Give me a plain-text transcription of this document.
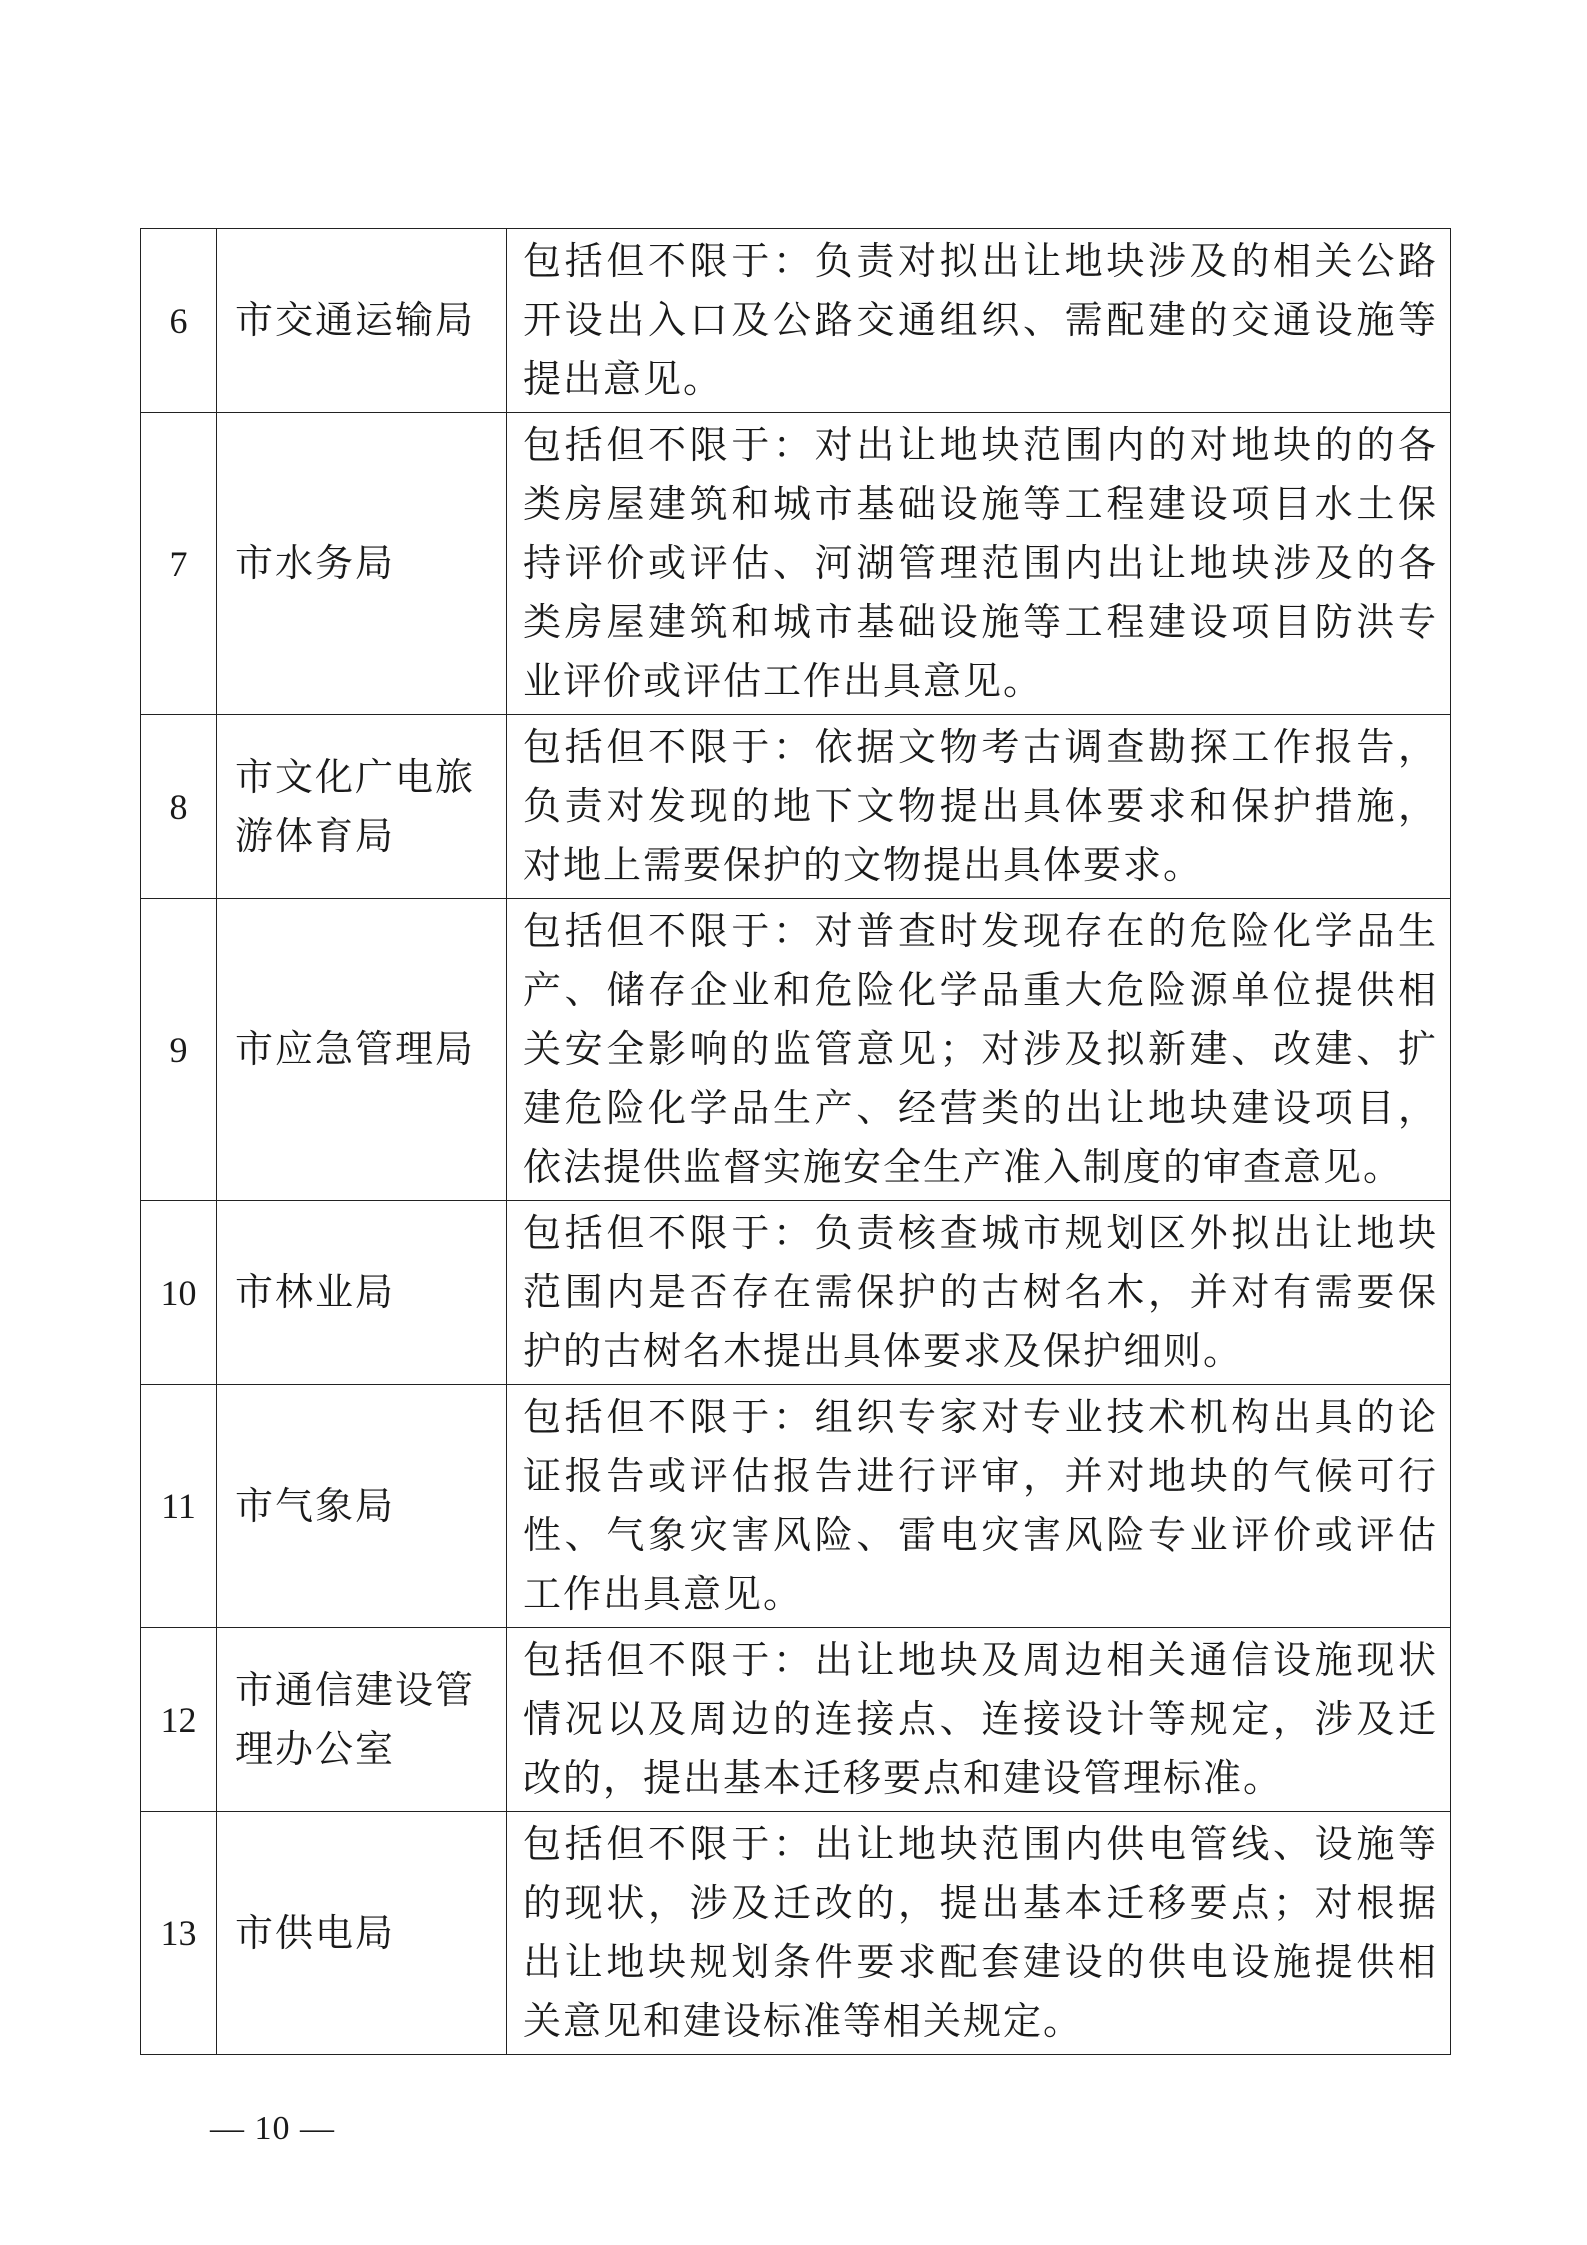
6	市交通运输局	包括但不限于：负责对拟出让地块涉及的相关公路开设出入口及公路交通组织、需配建的交通设施等提出意见。
7	市水务局	包括但不限于：对出让地块范围内的对地块的的各类房屋建筑和城市基础设施等工程建设项目水土保持评价或评估、河湖管理范围内出让地块涉及的各类房屋建筑和城市基础设施等工程建设项目防洪专业评价或评估工作出具意见。
8	市文化广电旅游体育局	包括但不限于：依据文物考古调查勘探工作报告，负责对发现的地下文物提出具体要求和保护措施，对地上需要保护的文物提出具体要求。
9	市应急管理局	包括但不限于：对普查时发现存在的危险化学品生产、储存企业和危险化学品重大危险源单位提供相关安全影响的监管意见；对涉及拟新建、改建、扩建危险化学品生产、经营类的出让地块建设项目，依法提供监督实施安全生产准入制度的审查意见。
10	市林业局	包括但不限于：负责核查城市规划区外拟出让地块范围内是否存在需保护的古树名木，并对有需要保护的古树名木提出具体要求及保护细则。
11	市气象局	包括但不限于：组织专家对专业技术机构出具的论证报告或评估报告进行评审，并对地块的气候可行性、气象灾害风险、雷电灾害风险专业评价或评估工作出具意见。
12	市通信建设管理办公室	包括但不限于：出让地块及周边相关通信设施现状情况以及周边的连接点、连接设计等规定，涉及迁改的，提出基本迁移要点和建设管理标准。
13	市供电局	包括但不限于：出让地块范围内供电管线、设施等的现状，涉及迁改的，提出基本迁移要点；对根据出让地块规划条件要求配套建设的供电设施提供相关意见和建设标准等相关规定。
— 10 —
